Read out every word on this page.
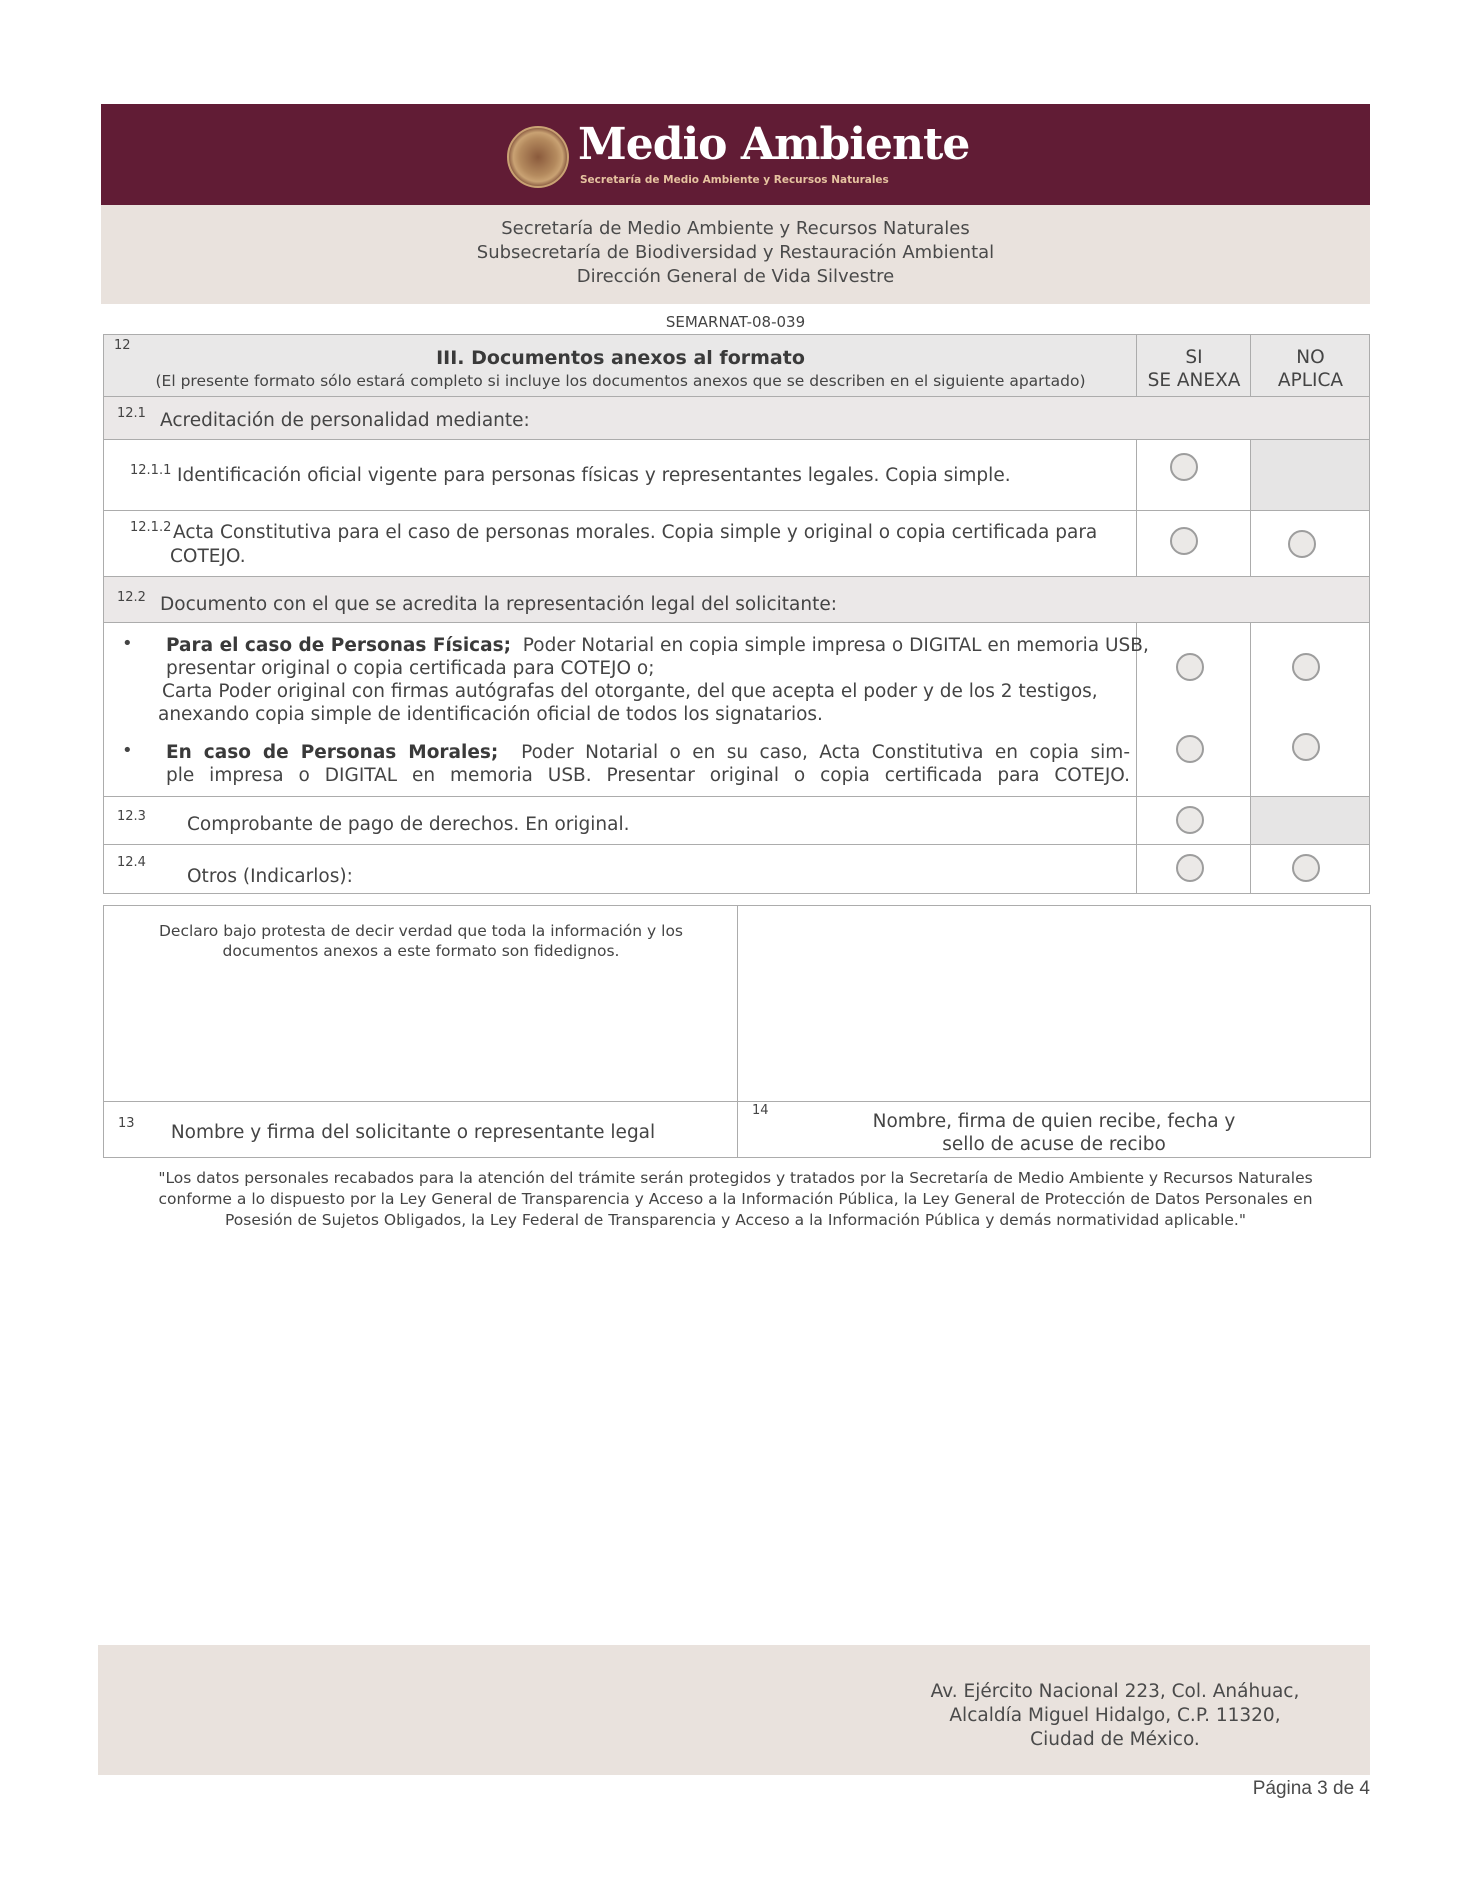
Medio Ambiente
Secretaría de Medio Ambiente y Recursos Naturales
Secretaría de Medio Ambiente y Recursos Naturales
Subsecretaría de Biodiversidad y Restauración Ambiental
Dirección General de Vida Silvestre
SEMARNAT-08-039
12
III. Documentos anexos al formato
(El presente formato sólo estará completo si incluye los documentos anexos que se describen en el siguiente apartado)
SI
SE ANEXA
NO
APLICA
12.1 Acreditación de personalidad mediante:
12.1.1 Identificación oficial vigente para personas físicas y representantes legales. Copia simple.
12.1.2 Acta Constitutiva para el caso de personas morales. Copia simple y original o copia certificada para
COTEJO.
12.2 Documento con el que se acredita la representación legal del solicitante:
• Para el caso de Personas Físicas; Poder Notarial en copia simple impresa o DIGITAL en memoria USB,
presentar original o copia certificada para COTEJO o;
Carta Poder original con firmas autógrafas del otorgante, del que acepta el poder y de los 2 testigos,
anexando copia simple de identificación oficial de todos los signatarios.
• En caso de Personas Morales; Poder Notarial o en su caso, Acta Constitutiva en copia sim-
ple impresa o DIGITAL en memoria USB. Presentar original o copia certificada para COTEJO.
12.3 Comprobante de pago de derechos. En original.
12.4
Otros (Indicarlos):
Declaro bajo protesta de decir verdad que toda la información y los
documentos anexos a este formato son fidedignos.
13	Nombre y firma del solicitante o representante legal
14
Nombre, firma de quien recibe, fecha y
sello de acuse de recibo
"Los datos personales recabados para la atención del trámite serán protegidos y tratados por la Secretaría de Medio Ambiente y Recursos Naturales
conforme a lo dispuesto por la Ley General de Transparencia y Acceso a la Información Pública, la Ley General de Protección de Datos Personales en
Posesión de Sujetos Obligados, la Ley Federal de Transparencia y Acceso a la Información Pública y demás normatividad aplicable."
Av. Ejército Nacional 223, Col. Anáhuac,
Alcaldía Miguel Hidalgo, C.P. 11320,
Ciudad de México.
Página 3 de 4
